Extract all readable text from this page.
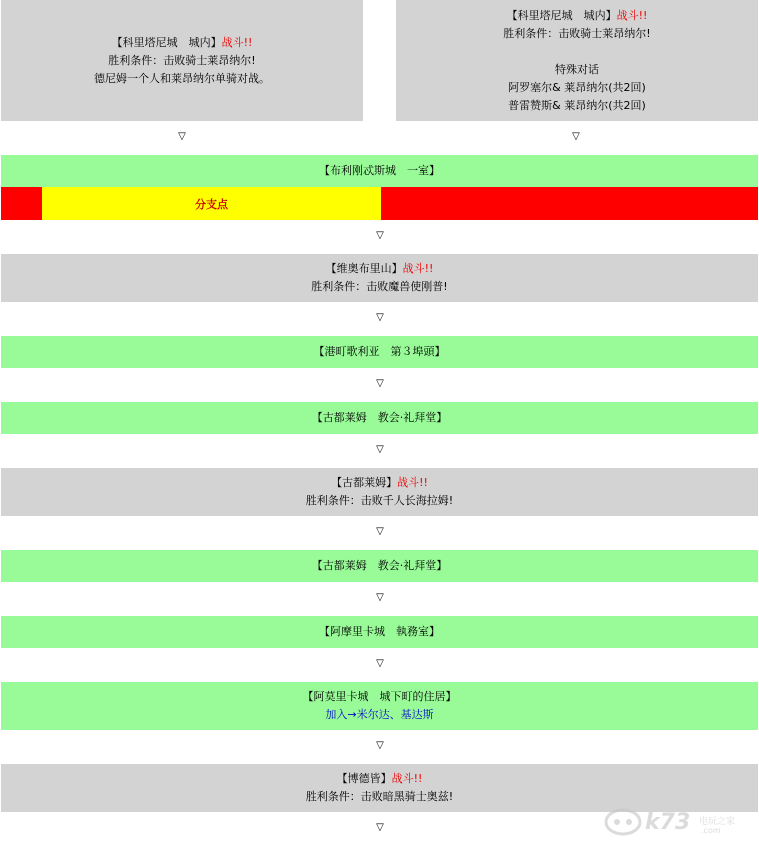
【科里塔尼城　城内】战斗!!
胜利条件：击败骑士莱昂纳尔!
德尼姆一个人和莱昂纳尔单骑对战。
【科里塔尼城　城内】战斗!!
胜利条件：击败骑士莱昂纳尔!
特殊对话
阿罗塞尔& 莱昂纳尔(共2回)
普雷赞斯& 莱昂纳尔(共2回)
▽	▽
【布利刚忒斯城　一室】
分支点
▽
【维奥布里山】战斗!!
胜利条件：击败魔兽使刚普!
▽
【港町歌利亚　第３埠頭】
▽
【古都莱姆　教会·礼拜堂】
▽
【古都莱姆】战斗!!
胜利条件：击败千人长海拉姆!
▽
【古都莱姆　教会·礼拜堂】
▽
【阿摩里卡城　執務室】
▽
【阿莫里卡城　城下町的住居】
加入→米尔达、基达斯
▽
【博德皆】战斗!!
胜利条件：击败暗黑骑士奥兹!
▽	k73 电玩之家
.com
